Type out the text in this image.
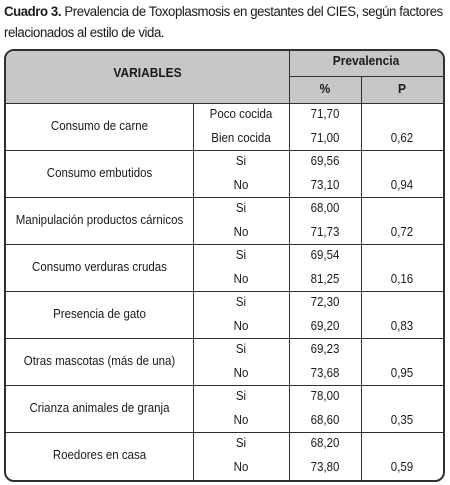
Cuadro 3. Prevalencia de Toxoplasmosis en gestantes del CIES, según factores relacionados al estilo de vida.
VARIABLES
Prevalencia
%	P
Consumo de carne
Poco cocida	71,70
Bien cocida	71,00	0,62
Consumo embutidos
Si	69,56
No	73,10	0,94
Manipulación productos cárnicos
Si	68,00
No	71,73	0,72
Consumo verduras crudas
Si	69,54
No	81,25	0,16
Presencia de gato
Si	72,30
No	69,20	0,83
Otras mascotas (más de una)
Si	69,23
No	73,68	0,95
Crianza animales de granja
Si	78,00
No	68,60	0,35
Roedores en casa
Si	68,20
No	73,80	0,59
